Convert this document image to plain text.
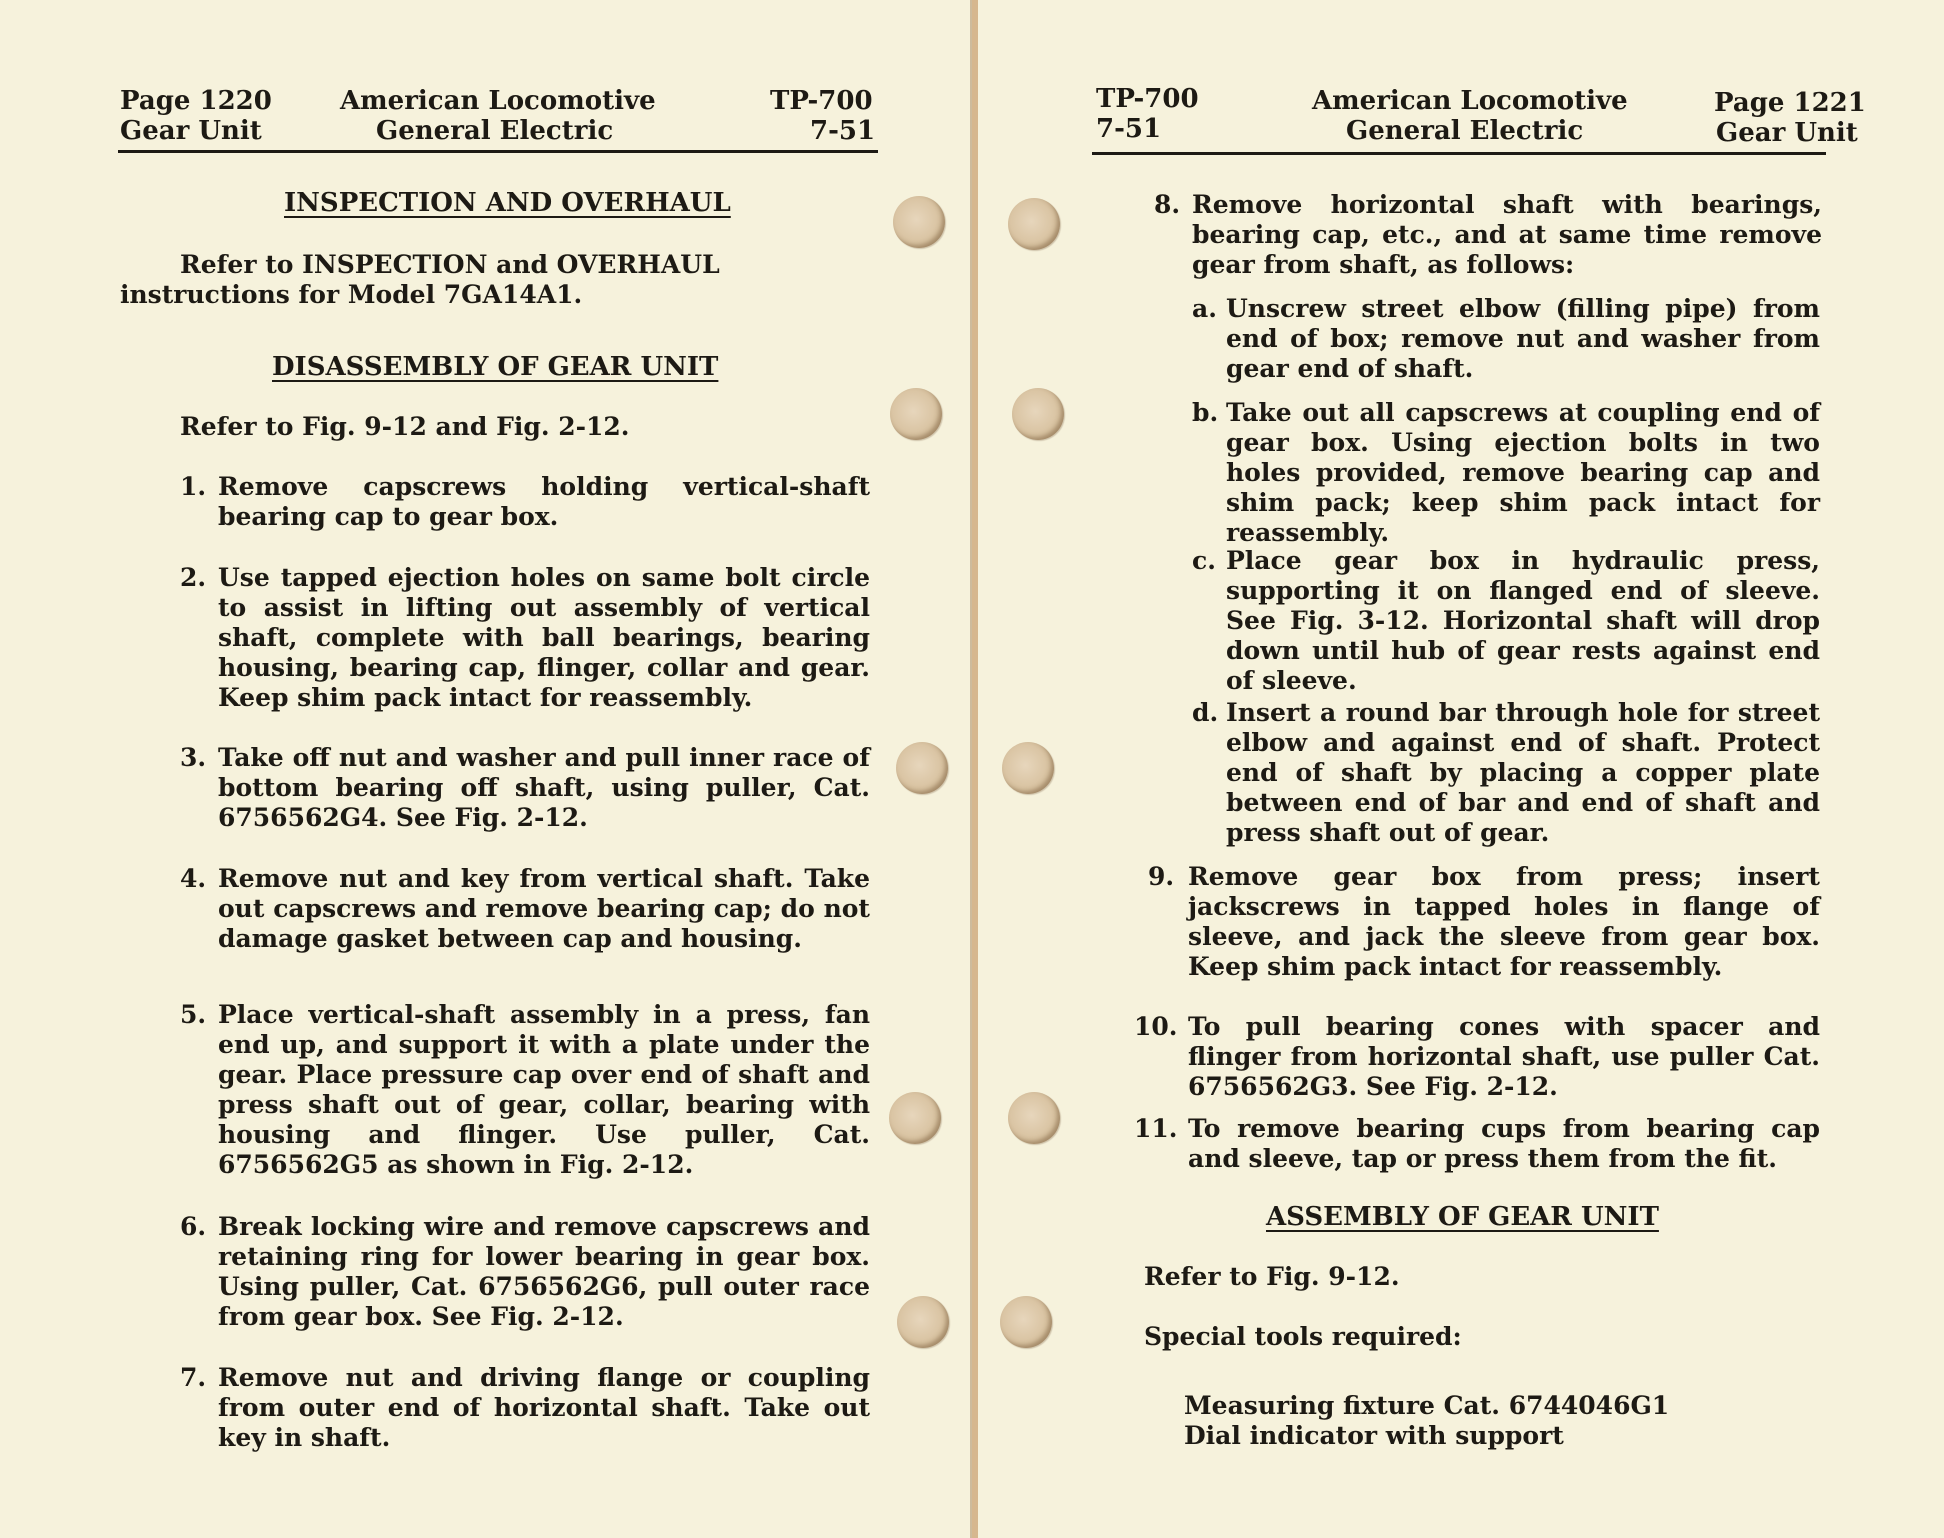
Page 1220
Gear Unit
American Locomotive
General Electric
TP-700
7-51
INSPECTION AND OVERHAUL
Refer to INSPECTION and OVERHAUL instructions for Model 7GA14A1.
DISASSEMBLY OF GEAR UNIT
Refer to Fig. 9-12 and Fig. 2-12.
1. Remove capscrews holding vertical-shaft bearing cap to gear box.
2. Use tapped ejection holes on same bolt circle to assist in lifting out assembly of vertical shaft, complete with ball bearings, bearing housing, bearing cap, flinger, collar and gear. Keep shim pack intact for reassembly.
3. Take off nut and washer and pull inner race of bottom bearing off shaft, using puller, Cat. 6756562G4. See Fig. 2-12.
4. Remove nut and key from vertical shaft. Take out capscrews and remove bearing cap; do not damage gasket between cap and housing.
5. Place vertical-shaft assembly in a press, fan end up, and support it with a plate under the gear. Place pressure cap over end of shaft and press shaft out of gear, collar, bearing with housing and flinger. Use puller, Cat. 6756562G5 as shown in Fig. 2-12.
6. Break locking wire and remove capscrews and retaining ring for lower bearing in gear box. Using puller, Cat. 6756562G6, pull outer race from gear box. See Fig. 2-12.
7. Remove nut and driving flange or coupling from outer end of horizontal shaft. Take out key in shaft.
TP-700
7-51
American Locomotive
General Electric
Page 1221
Gear Unit
8. Remove horizontal shaft with bearings, bearing cap, etc., and at same time remove gear from shaft, as follows:
a. Unscrew street elbow (filling pipe) from end of box; remove nut and washer from gear end of shaft.
b. Take out all capscrews at coupling end of gear box. Using ejection bolts in two holes provided, remove bearing cap and shim pack; keep shim pack intact for reassembly.
c. Place gear box in hydraulic press, supporting it on flanged end of sleeve. See Fig. 3-12. Horizontal shaft will drop down until hub of gear rests against end of sleeve.
d. Insert a round bar through hole for street elbow and against end of shaft. Protect end of shaft by placing a copper plate between end of bar and end of shaft and press shaft out of gear.
9. Remove gear box from press; insert jackscrews in tapped holes in flange of sleeve, and jack the sleeve from gear box. Keep shim pack intact for reassembly.
10. To pull bearing cones with spacer and flinger from horizontal shaft, use puller Cat. 6756562G3. See Fig. 2-12.
11. To remove bearing cups from bearing cap and sleeve, tap or press them from the fit.
ASSEMBLY OF GEAR UNIT
Refer to Fig. 9-12.
Special tools required:
Measuring fixture Cat. 6744046G1
Dial indicator with support
